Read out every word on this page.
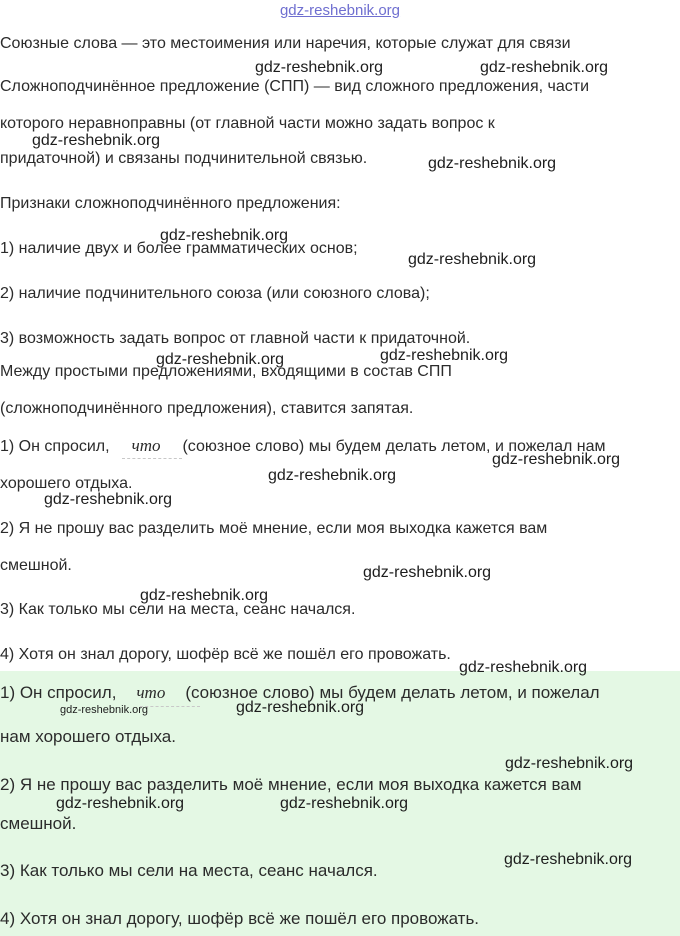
gdz-reshebnik.org
Союзные слова — это местоимения или наречия, которые служат для связи
Сложноподчинённое предложение (СПП) — вид сложного предложения, части
которого неравноправны (от главной части можно задать вопрос к
придаточной) и связаны подчинительной связью.
Признаки сложноподчинённого предложения:
1) наличие двух и более грамматических основ;
2) наличие подчинительного союза (или союзного слова);
3) возможность задать вопрос от главной части к придаточной.
Между простыми предложениями, входящими в состав СПП
(сложноподчинённого предложения), ставится запятая.
1) Он спросил, что (союзное слово) мы будем делать летом, и пожелал нам
хорошего отдыха.
2) Я не прошу вас разделить моё мнение, если моя выходка кажется вам
смешной.
3) Как только мы сели на места, сеанс начался.
4) Хотя он знал дорогу, шофёр всё же пошёл его провожать.
1) Он спросил, что (союзное слово) мы будем делать летом, и пожелал
нам хорошего отдыха.
2) Я не прошу вас разделить моё мнение, если моя выходка кажется вам
смешной.
3) Как только мы сели на места, сеанс начался.
4) Хотя он знал дорогу, шофёр всё же пошёл его провожать.
gdz-reshebnik.org	gdz-reshebnik.org
gdz-reshebnik.org
gdz-reshebnik.org
gdz-reshebnik.org
gdz-reshebnik.org
gdz-reshebnik.org
gdz-reshebnik.org
gdz-reshebnik.org
gdz-reshebnik.org
gdz-reshebnik.org
gdz-reshebnik.org
gdz-reshebnik.org
gdz-reshebnik.org
gdz-reshebnik.org	gdz-reshebnik.org
gdz-reshebnik.org
gdz-reshebnik.org	gdz-reshebnik.org
gdz-reshebnik.org
